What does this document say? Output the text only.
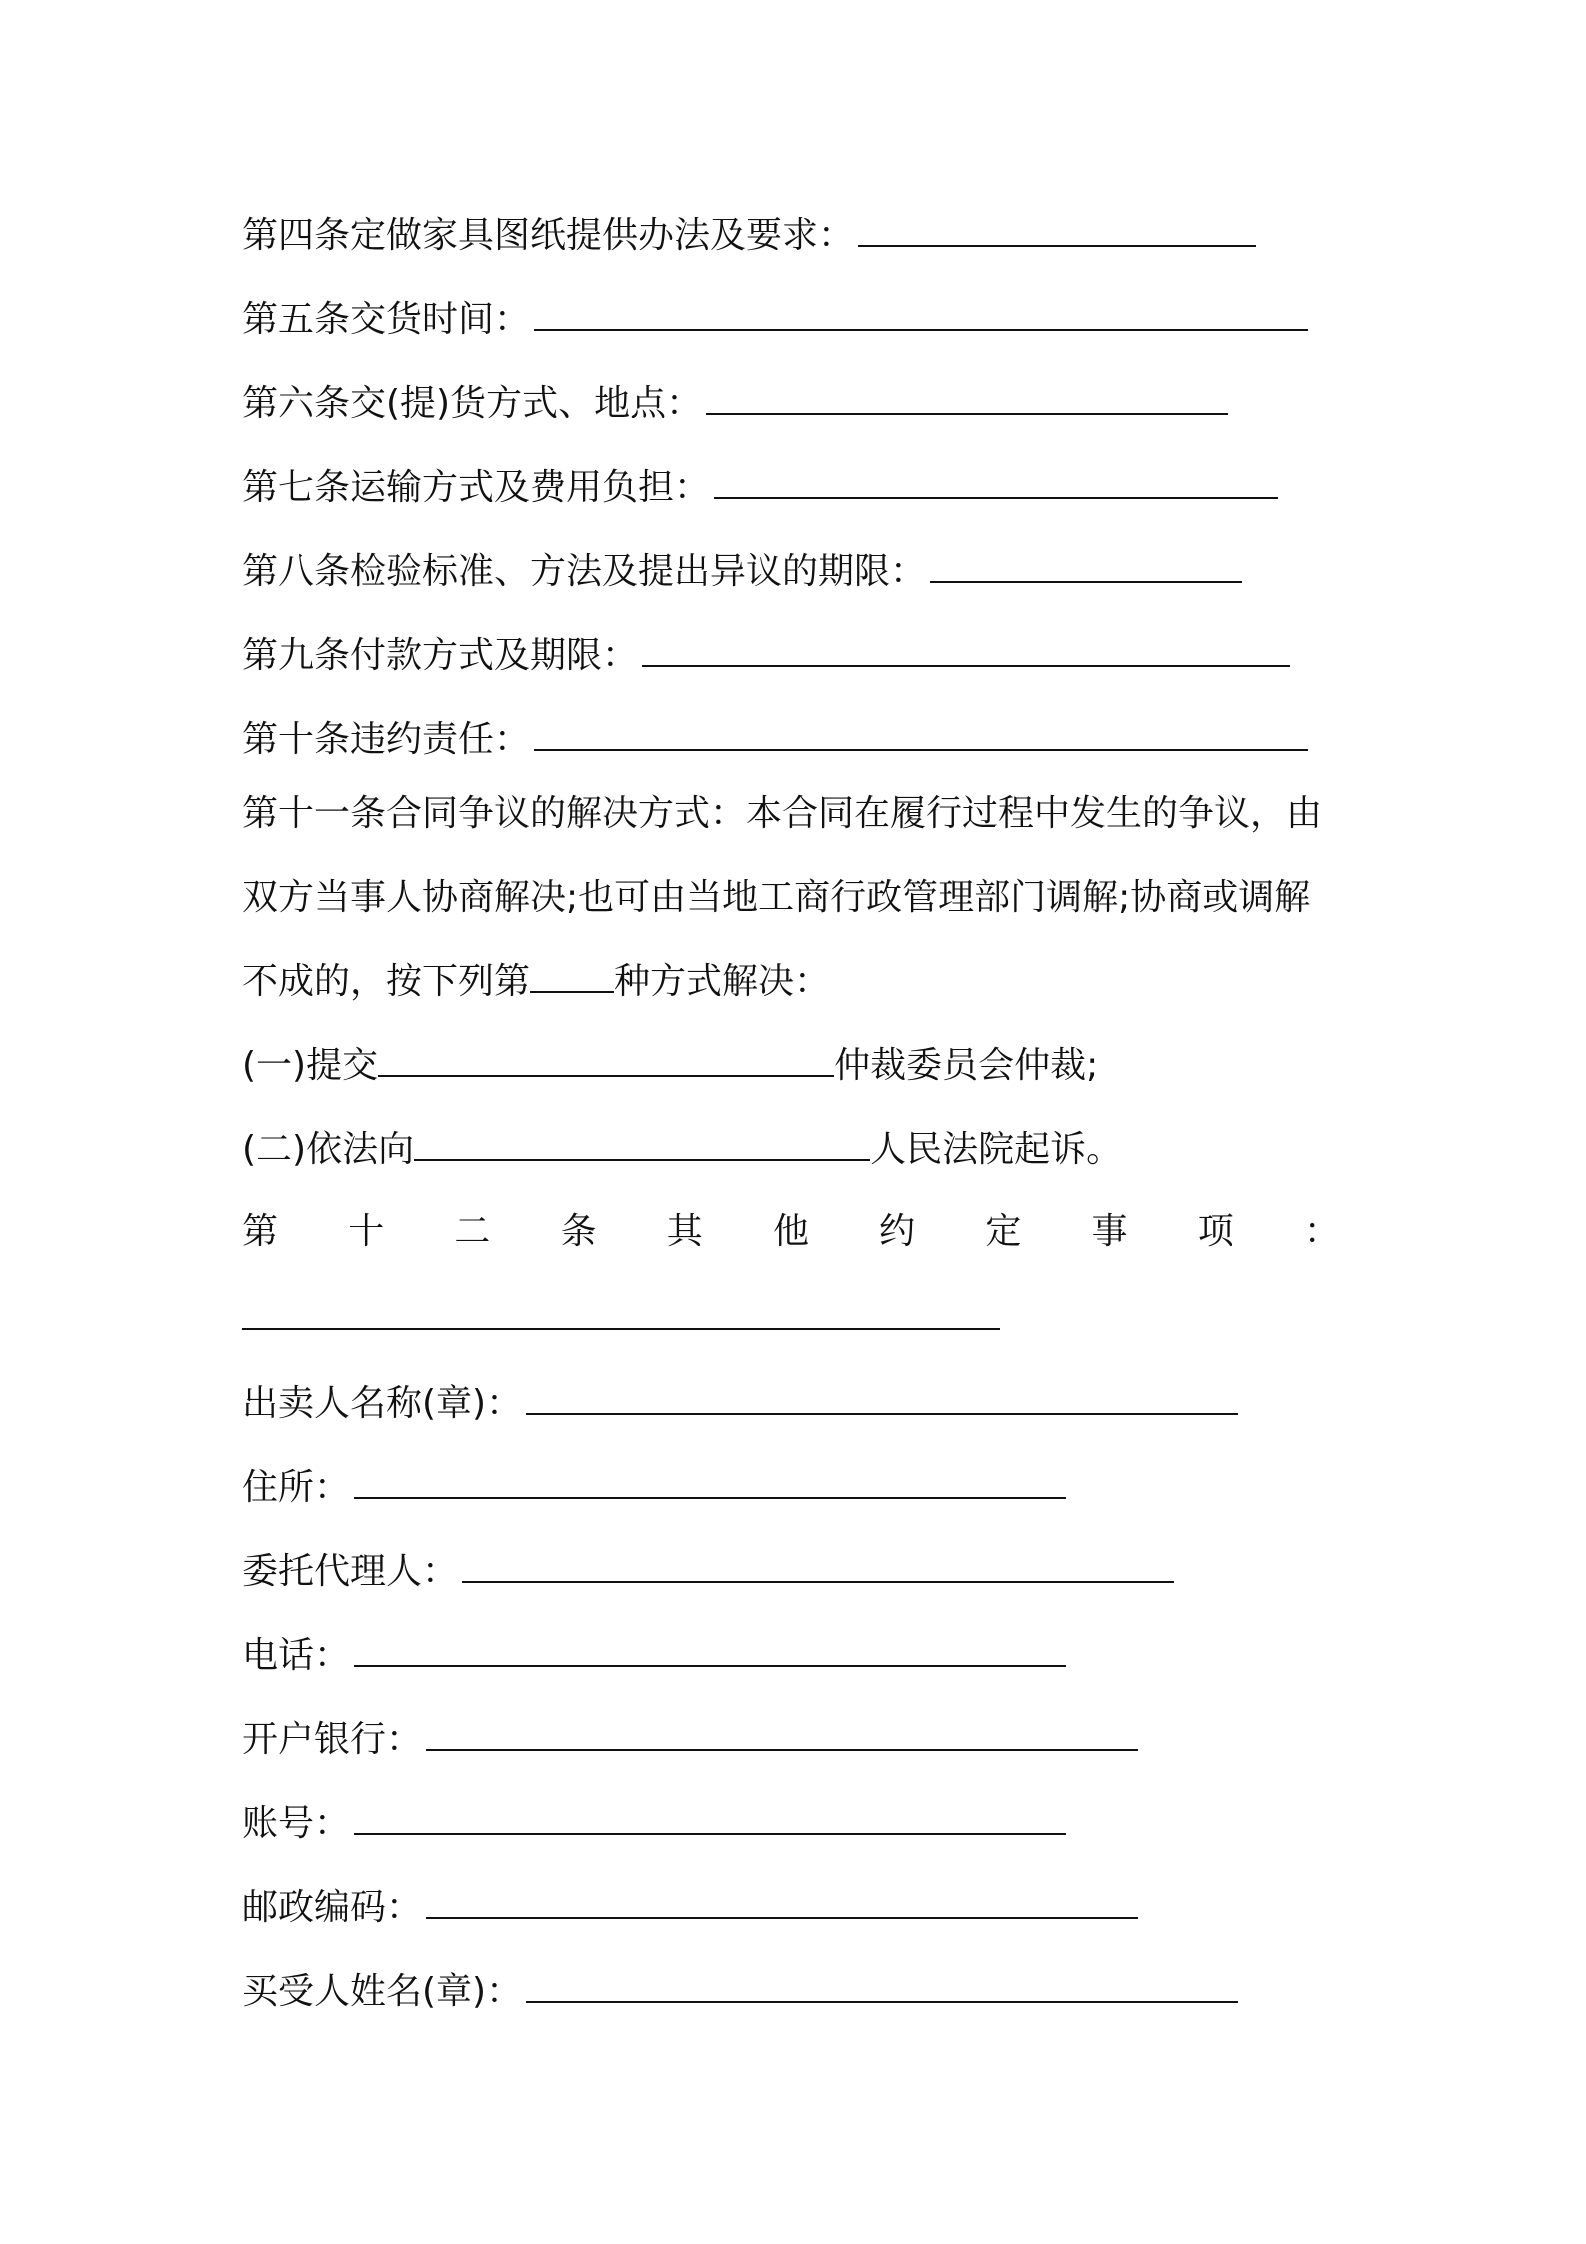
第四条定做家具图纸提供办法及要求：
第五条交货时间：
第六条交(提)货方式、地点：
第七条运输方式及费用负担：
第八条检验标准、方法及提出异议的期限：
第九条付款方式及期限：
第十条违约责任：
第十一条合同争议的解决方式：本合同在履行过程中发生的争议，由
双方当事人协商解决;也可由当地工商行政管理部门调解;协商或调解
不成的，按下列第 种方式解决：
(一)提交	仲裁委员会仲裁;
(二)依法向	人民法院起诉。
第 十 二 条 其 他 约 定 事 项 ：
出卖人名称(章)：
住所：
委托代理人：
电话：
开户银行：
账号：
邮政编码：
买受人姓名(章)：
